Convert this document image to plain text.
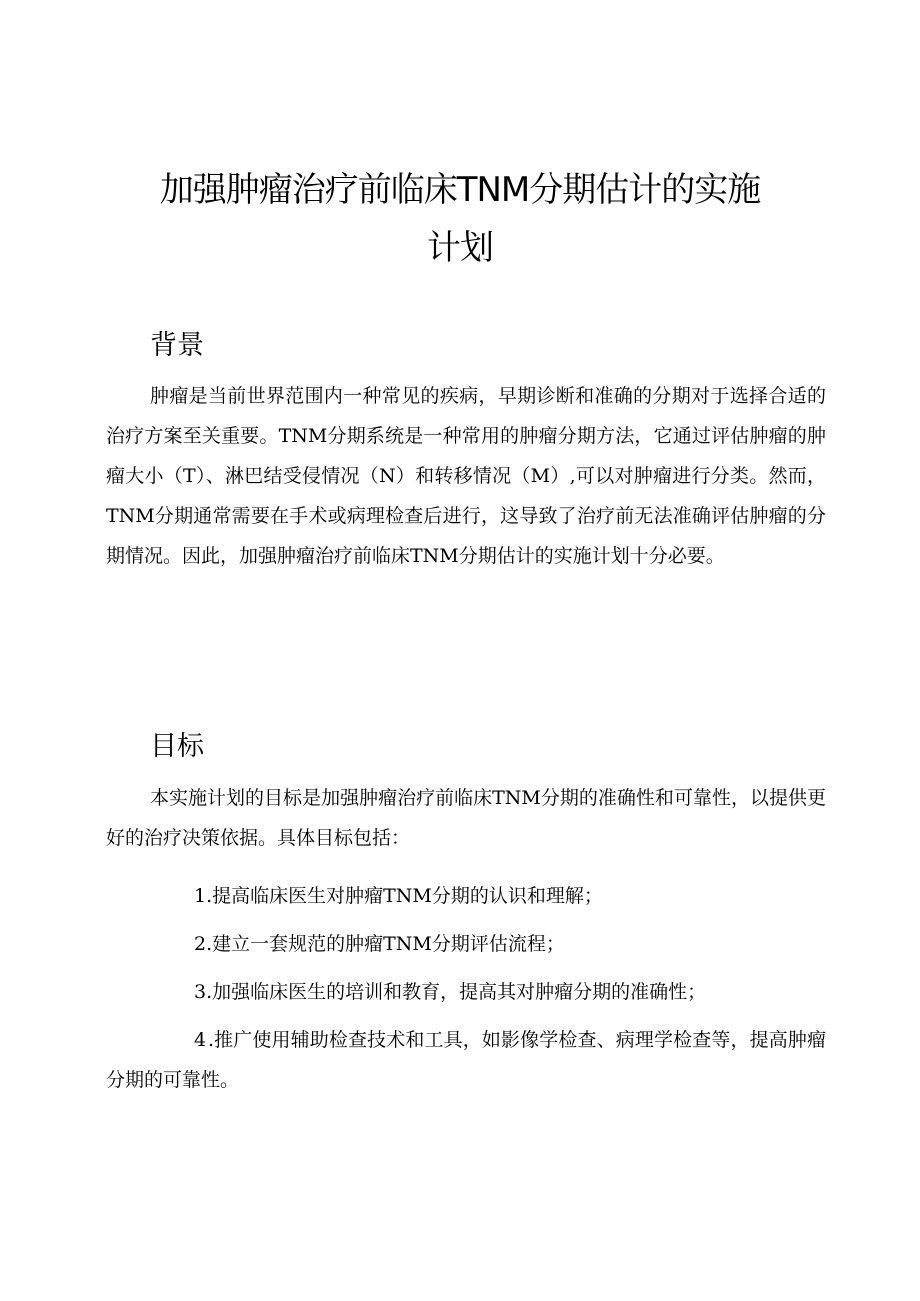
加强肿瘤治疗前临床TNM分期估计的实施
计划
背景
肿瘤是当前世界范围内一种常见的疾病，早期诊断和准确的分期对于选择合适的治疗方案至关重要。TNM分期系统是一种常用的肿瘤分期方法，它通过评估肿瘤的肿瘤大小（T）、淋巴结受侵情况（N）和转移情况（M）,可以对肿瘤进行分类。然而，TNM分期通常需要在手术或病理检查后进行，这导致了治疗前无法准确评估肿瘤的分期情况。因此，加强肿瘤治疗前临床TNM分期估计的实施计划十分必要。
目标
本实施计划的目标是加强肿瘤治疗前临床TNM分期的准确性和可靠性，以提供更好的治疗决策依据。具体目标包括：
1.提高临床医生对肿瘤TNM分期的认识和理解；
2.建立一套规范的肿瘤TNM分期评估流程；
3.加强临床医生的培训和教育，提高其对肿瘤分期的准确性；
4 .推广使用辅助检查技术和工具，如影像学检查、病理学检查等，提高肿瘤分期的可靠性。
